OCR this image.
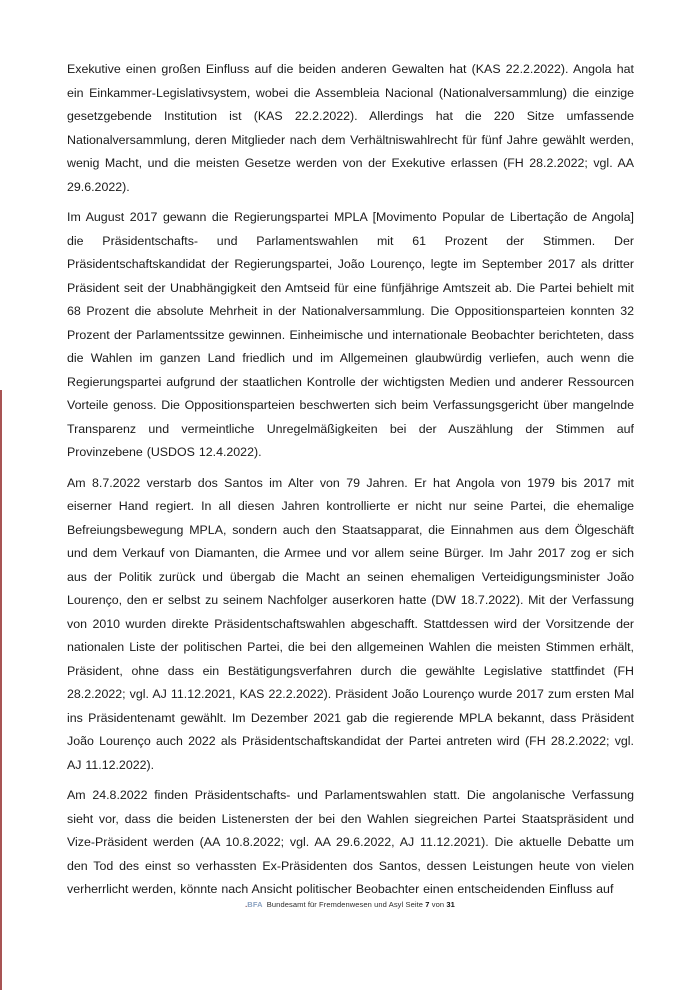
Exekutive einen großen Einfluss auf die beiden anderen Gewalten hat (KAS 22.2.2022). Angola hat ein Einkammer-Legislativsystem, wobei die Assembleia Nacional (Nationalversammlung) die einzige gesetzgebende Institution ist (KAS 22.2.2022). Allerdings hat die 220 Sitze umfassende Nationalversammlung, deren Mitglieder nach dem Verhältniswahlrecht für fünf Jahre gewählt werden, wenig Macht, und die meisten Gesetze werden von der Exekutive erlassen (FH 28.2.2022; vgl. AA 29.6.2022).

Im August 2017 gewann die Regierungspartei MPLA [Movimento Popular de Libertação de Angola] die Präsidentschafts- und Parlamentswahlen mit 61 Prozent der Stimmen. Der Präsidentschaftskandidat der Regierungspartei, João Lourenço, legte im September 2017 als dritter Präsident seit der Unabhängigkeit den Amtseid für eine fünfjährige Amtszeit ab. Die Partei behielt mit 68 Prozent die absolute Mehrheit in der Nationalversammlung. Die Oppositionsparteien konnten 32 Prozent der Parlamentssitze gewinnen. Einheimische und internationale Beobachter berichteten, dass die Wahlen im ganzen Land friedlich und im Allgemeinen glaubwürdig verliefen, auch wenn die Regierungspartei aufgrund der staatlichen Kontrolle der wichtigsten Medien und anderer Ressourcen Vorteile genoss. Die Oppositionsparteien beschwerten sich beim Verfassungsgericht über mangelnde Transparenz und vermeintliche Unregelmäßigkeiten bei der Auszählung der Stimmen auf Provinzebene (USDOS 12.4.2022).

Am 8.7.2022 verstarb dos Santos im Alter von 79 Jahren. Er hat Angola von 1979 bis 2017 mit eiserner Hand regiert. In all diesen Jahren kontrollierte er nicht nur seine Partei, die ehemalige Befreiungsbewegung MPLA, sondern auch den Staatsapparat, die Einnahmen aus dem Ölgeschäft und dem Verkauf von Diamanten, die Armee und vor allem seine Bürger. Im Jahr 2017 zog er sich aus der Politik zurück und übergab die Macht an seinen ehemaligen Verteidigungsminister João Lourenço, den er selbst zu seinem Nachfolger auserkoren hatte (DW 18.7.2022). Mit der Verfassung von 2010 wurden direkte Präsidentschaftswahlen abgeschafft. Stattdessen wird der Vorsitzende der nationalen Liste der politischen Partei, die bei den allgemeinen Wahlen die meisten Stimmen erhält, Präsident, ohne dass ein Bestätigungsverfahren durch die gewählte Legislative stattfindet (FH 28.2.2022; vgl. AJ 11.12.2021, KAS 22.2.2022). Präsident João Lourenço wurde 2017 zum ersten Mal ins Präsidentenamt gewählt. Im Dezember 2021 gab die regierende MPLA bekannt, dass Präsident João Lourenço auch 2022 als Präsidentschaftskandidat der Partei antreten wird (FH 28.2.2022; vgl. AJ 11.12.2022).

Am 24.8.2022 finden Präsidentschafts- und Parlamentswahlen statt. Die angolanische Verfassung sieht vor, dass die beiden Listenersten der bei den Wahlen siegreichen Partei Staatspräsident und Vize-Präsident werden (AA 10.8.2022; vgl. AA 29.6.2022, AJ 11.12.2021). Die aktuelle Debatte um den Tod des einst so verhassten Ex-Präsidenten dos Santos, dessen Leistungen heute von vielen verherrlicht werden, könnte nach Ansicht politischer Beobachter einen entscheidenden Einfluss auf

.BFA Bundesamt für Fremdenwesen und Asyl Seite 7 von 31
